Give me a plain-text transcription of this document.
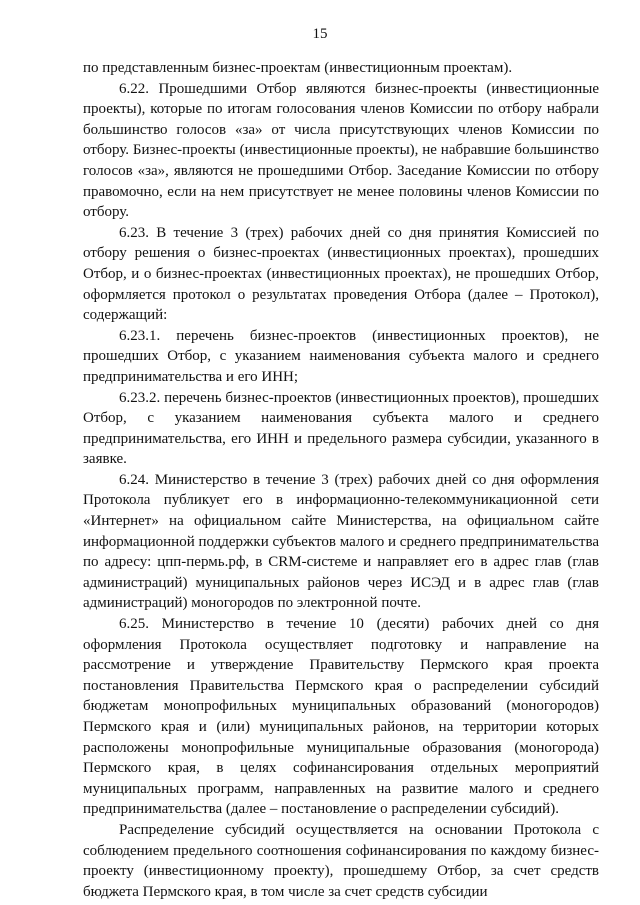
15

по представленным бизнес-проектам (инвестиционным проектам).

6.22. Прошедшими Отбор являются бизнес-проекты (инвестиционные проекты), которые по итогам голосования членов Комиссии по отбору набрали большинство голосов «за» от числа присутствующих членов Комиссии по отбору. Бизнес-проекты (инвестиционные проекты), не набравшие большинство голосов «за», являются не прошедшими Отбор. Заседание Комиссии по отбору правомочно, если на нем присутствует не менее половины членов Комиссии по отбору.

6.23. В течение 3 (трех) рабочих дней со дня принятия Комиссией по отбору решения о бизнес-проектах (инвестиционных проектах), прошедших Отбор, и о бизнес-проектах (инвестиционных проектах), не прошедших Отбор, оформляется протокол о результатах проведения Отбора (далее – Протокол), содержащий:

6.23.1. перечень бизнес-проектов (инвестиционных проектов), не прошедших Отбор, с указанием наименования субъекта малого и среднего предпринимательства и его ИНН;

6.23.2. перечень бизнес-проектов (инвестиционных проектов), прошедших Отбор, с указанием наименования субъекта малого и среднего предпринимательства, его ИНН и предельного размера субсидии, указанного в заявке.

6.24. Министерство в течение 3 (трех) рабочих дней со дня оформления Протокола публикует его в информационно-телекоммуникационной сети «Интернет» на официальном сайте Министерства, на официальном сайте информационной поддержки субъектов малого и среднего предпринимательства по адресу: цпп-пермь.рф, в CRM-системе и направляет его в адрес глав (глав администраций) муниципальных районов через ИСЭД и в адрес глав (глав администраций) моногородов по электронной почте.

6.25. Министерство в течение 10 (десяти) рабочих дней со дня оформления Протокола осуществляет подготовку и направление на рассмотрение и утверждение Правительству Пермского края проекта постановления Правительства Пермского края о распределении субсидий бюджетам монопрофильных муниципальных образований (моногородов) Пермского края и (или) муниципальных районов, на территории которых расположены монопрофильные муниципальные образования (моногорода) Пермского края, в целях софинансирования отдельных мероприятий муниципальных программ, направленных на развитие малого и среднего предпринимательства (далее – постановление о распределении субсидий).

Распределение субсидий осуществляется на основании Протокола с соблюдением предельного соотношения софинансирования по каждому бизнес-проекту (инвестиционному проекту), прошедшему Отбор, за счет средств бюджета Пермского края, в том числе за счет средств субсидии
